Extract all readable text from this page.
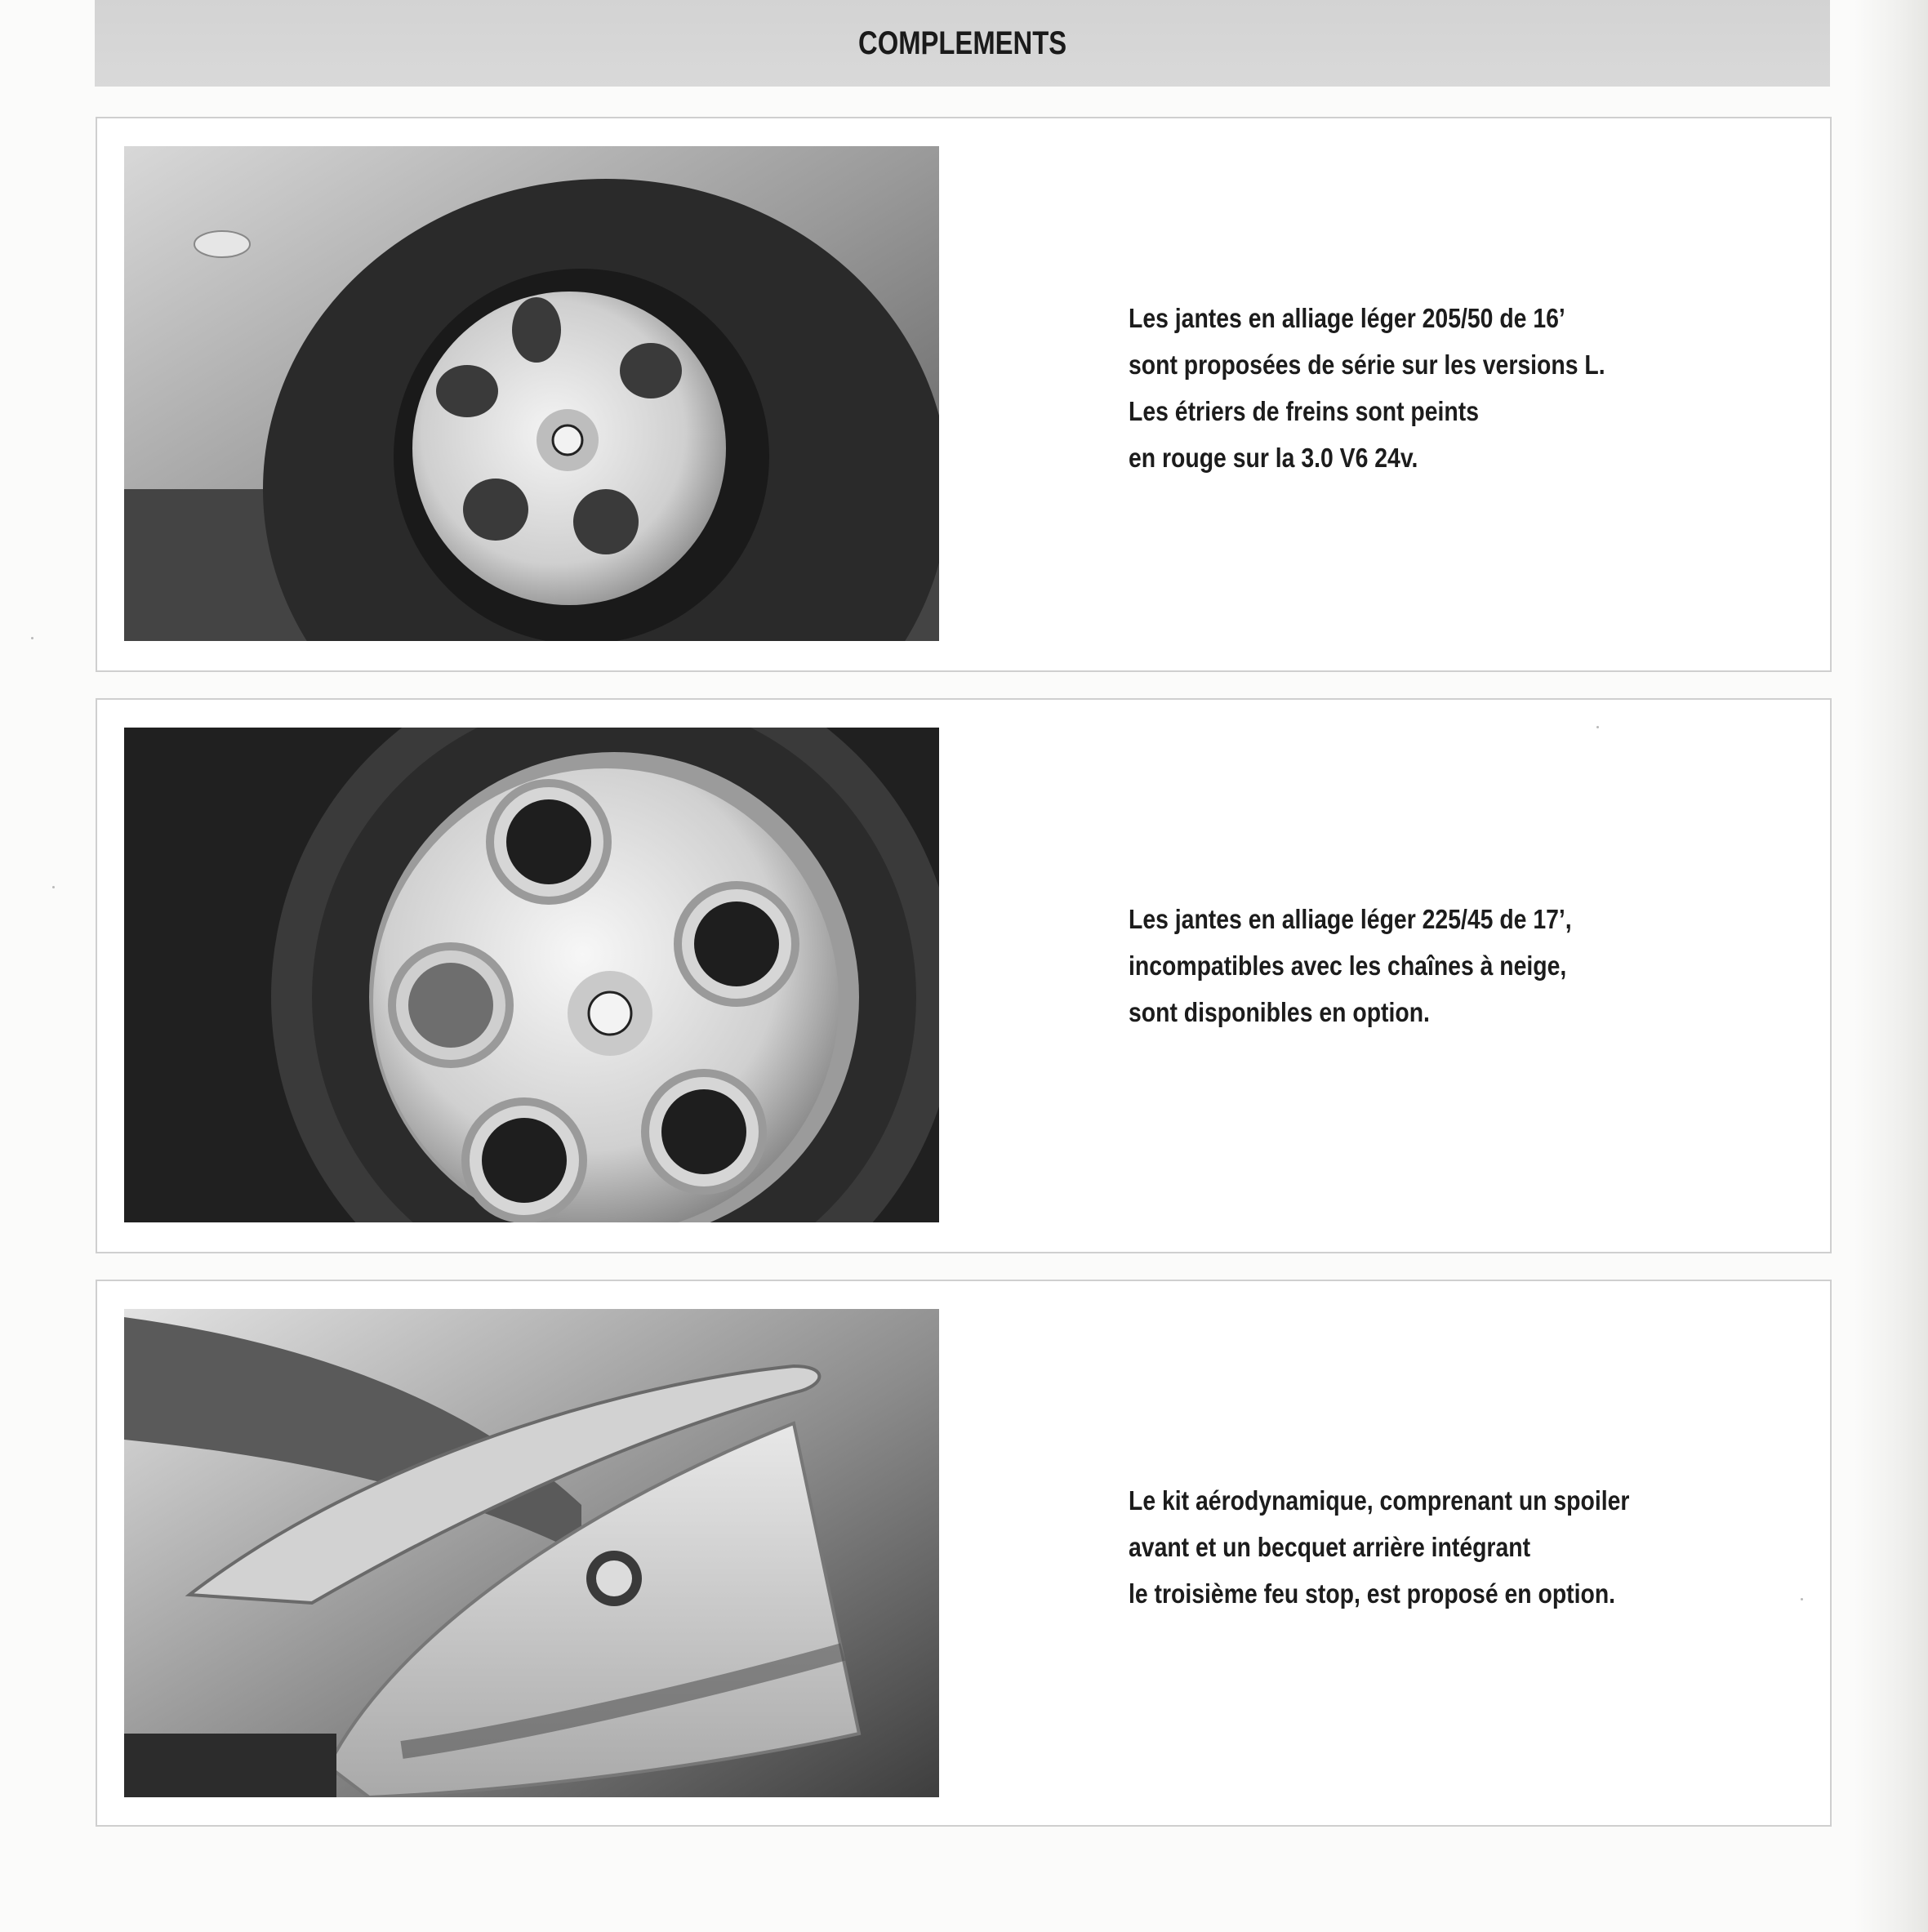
COMPLEMENTS
Les jantes en alliage léger 205/50 de 16’
sont proposées de série sur les versions L.
Les étriers de freins sont peints
en rouge sur la 3.0 V6 24v.
Les jantes en alliage léger 225/45 de 17’,
incompatibles avec les chaînes à neige,
sont disponibles en option.
Le kit aérodynamique, comprenant un spoiler
avant et un becquet arrière intégrant
le troisième feu stop, est proposé en option.
